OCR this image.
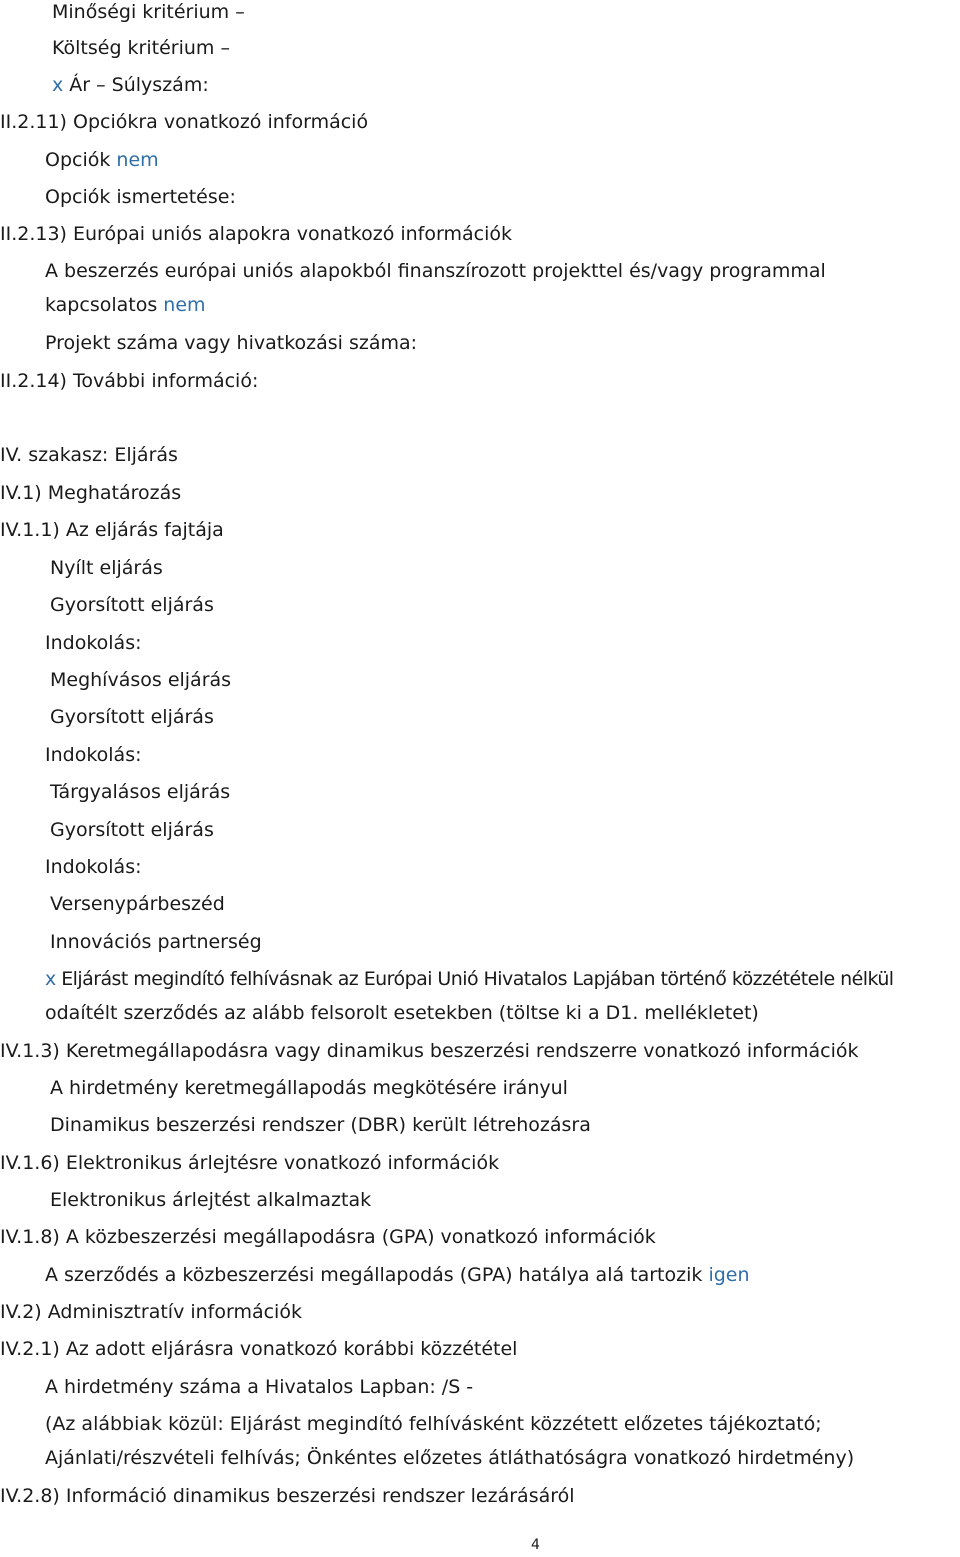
Minőségi kritérium –
Költség kritérium –
x Ár – Súlyszám:
II.2.11) Opciókra vonatkozó információ
Opciók nem
Opciók ismertetése:
II.2.13) Európai uniós alapokra vonatkozó információk
A beszerzés európai uniós alapokból finanszírozott projekttel és/vagy programmal
kapcsolatos nem
Projekt száma vagy hivatkozási száma:
II.2.14) További információ:
IV. szakasz: Eljárás
IV.1) Meghatározás
IV.1.1) Az eljárás fajtája
Nyílt eljárás
Gyorsított eljárás
Indokolás:
Meghívásos eljárás
Gyorsított eljárás
Indokolás:
Tárgyalásos eljárás
Gyorsított eljárás
Indokolás:
Versenypárbeszéd
Innovációs partnerség
x Eljárást megindító felhívásnak az Európai Unió Hivatalos Lapjában történő közzététele nélkül
odaítélt szerződés az alább felsorolt esetekben (töltse ki a D1. mellékletet)
IV.1.3) Keretmegállapodásra vagy dinamikus beszerzési rendszerre vonatkozó információk
A hirdetmény keretmegállapodás megkötésére irányul
Dinamikus beszerzési rendszer (DBR) került létrehozásra
IV.1.6) Elektronikus árlejtésre vonatkozó információk
Elektronikus árlejtést alkalmaztak
IV.1.8) A közbeszerzési megállapodásra (GPA) vonatkozó információk
A szerződés a közbeszerzési megállapodás (GPA) hatálya alá tartozik igen
IV.2) Adminisztratív információk
IV.2.1) Az adott eljárásra vonatkozó korábbi közzététel
A hirdetmény száma a Hivatalos Lapban: /S -
(Az alábbiak közül: Eljárást megindító felhívásként közzétett előzetes tájékoztató;
Ajánlati/részvételi felhívás; Önkéntes előzetes átláthatóságra vonatkozó hirdetmény)
IV.2.8) Információ dinamikus beszerzési rendszer lezárásáról
4
